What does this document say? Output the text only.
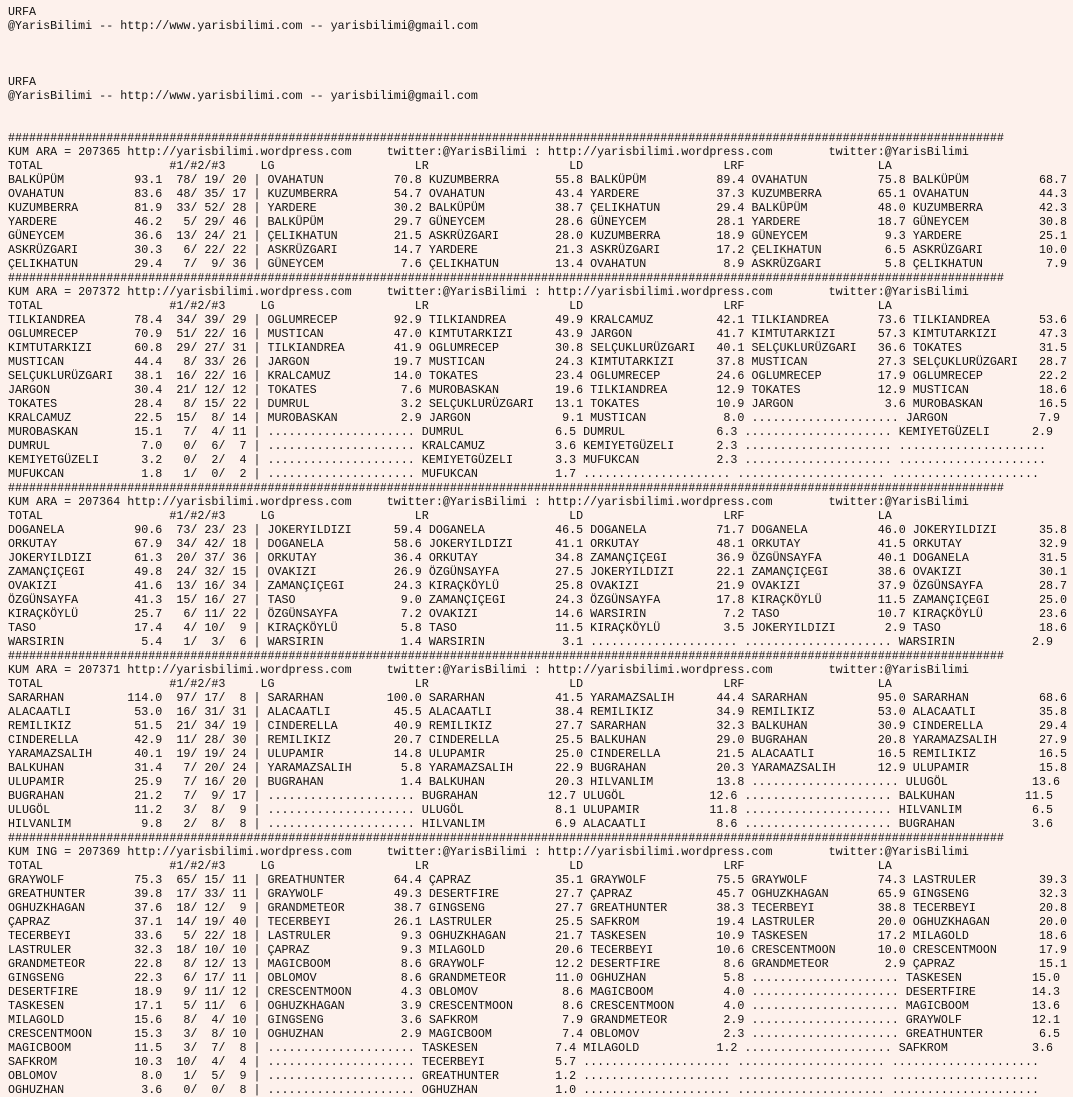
URFA
@YarisBilimi -- http://www.yarisbilimi.com -- yarisbilimi@gmail.com
URFA
@YarisBilimi -- http://www.yarisbilimi.com -- yarisbilimi@gmail.com
##############################################################################################################################################
KUM ARA = 207365 http://yarisbilimi.wordpress.com     twitter:@YarisBilimi : http://yarisbilimi.wordpress.com        twitter:@YarisBilimi
TOTAL                  #1/#2/#3     LG                    LR                    LD                    LRF                   LA
BALKÜPÜM          93.1  78/ 19/ 20 | OVAHATUN          70.8 KUZUMBERRA        55.8 BALKÜPÜM          89.4 OVAHATUN          75.8 BALKÜPÜM          68.7
OVAHATUN          83.6  48/ 35/ 17 | KUZUMBERRA        54.7 OVAHATUN          43.4 YARDERE           37.3 KUZUMBERRA        65.1 OVAHATUN          44.3
KUZUMBERRA        81.9  33/ 52/ 28 | YARDERE           30.2 BALKÜPÜM          38.7 ÇELIKHATUN        29.4 BALKÜPÜM          48.0 KUZUMBERRA        42.3
YARDERE           46.2   5/ 29/ 46 | BALKÜPÜM          29.7 GÜNEYCEM          28.6 GÜNEYCEM          28.1 YARDERE           18.7 GÜNEYCEM          30.8
GÜNEYCEM          36.6  13/ 24/ 21 | ÇELIKHATUN        21.5 ASKRÜZGARI        28.0 KUZUMBERRA        18.9 GÜNEYCEM           9.3 YARDERE           25.1
ASKRÜZGARI        30.3   6/ 22/ 22 | ASKRÜZGARI        14.7 YARDERE           21.3 ASKRÜZGARI        17.2 ÇELIKHATUN         6.5 ASKRÜZGARI        10.0
ÇELIKHATUN        29.4   7/  9/ 36 | GÜNEYCEM           7.6 ÇELIKHATUN        13.4 OVAHATUN           8.9 ASKRÜZGARI         5.8 ÇELIKHATUN         7.9
##############################################################################################################################################
KUM ARA = 207372 http://yarisbilimi.wordpress.com     twitter:@YarisBilimi : http://yarisbilimi.wordpress.com        twitter:@YarisBilimi
TOTAL                  #1/#2/#3     LG                    LR                    LD                    LRF                   LA
TILKIANDREA       78.4  34/ 39/ 29 | OGLUMRECEP        92.9 TILKIANDREA       49.9 KRALCAMUZ         42.1 TILKIANDREA       73.6 TILKIANDREA       53.6
OGLUMRECEP        70.9  51/ 22/ 16 | MUSTICAN          47.0 KIMTUTARKIZI      43.9 JARGON            41.7 KIMTUTARKIZI      57.3 KIMTUTARKIZI      47.3
KIMTUTARKIZI      60.8  29/ 27/ 31 | TILKIANDREA       41.9 OGLUMRECEP        30.8 SELÇUKLURÜZGARI   40.1 SELÇUKLURÜZGARI   36.6 TOKATES           31.5
MUSTICAN          44.4   8/ 33/ 26 | JARGON            19.7 MUSTICAN          24.3 KIMTUTARKIZI      37.8 MUSTICAN          27.3 SELÇUKLURÜZGARI   28.7
SELÇUKLURÜZGARI   38.1  16/ 22/ 16 | KRALCAMUZ         14.0 TOKATES           23.4 OGLUMRECEP        24.6 OGLUMRECEP        17.9 OGLUMRECEP        22.2
JARGON            30.4  21/ 12/ 12 | TOKATES            7.6 MUROBASKAN        19.6 TILKIANDREA       12.9 TOKATES           12.9 MUSTICAN          18.6
TOKATES           28.4   8/ 15/ 22 | DUMRUL             3.2 SELÇUKLURÜZGARI   13.1 TOKATES           10.9 JARGON             3.6 MUROBASKAN        16.5
KRALCAMUZ         22.5  15/  8/ 14 | MUROBASKAN         2.9 JARGON             9.1 MUSTICAN           8.0 ..................... JARGON             7.9
MUROBASKAN        15.1   7/  4/ 11 | ..................... DUMRUL             6.5 DUMRUL             6.3 ..................... KEMIYETGÜZELI      2.9
DUMRUL             7.0   0/  6/  7 | ..................... KRALCAMUZ          3.6 KEMIYETGÜZELI      2.3 ..................... .....................
KEMIYETGÜZELI      3.2   0/  2/  4 | ..................... KEMIYETGÜZELI      3.3 MUFUKCAN           2.3 ..................... .....................
MUFUKCAN           1.8   1/  0/  2 | ..................... MUFUKCAN           1.7 ..................... ..................... .....................
##############################################################################################################################################
KUM ARA = 207364 http://yarisbilimi.wordpress.com     twitter:@YarisBilimi : http://yarisbilimi.wordpress.com        twitter:@YarisBilimi
TOTAL                  #1/#2/#3     LG                    LR                    LD                    LRF                   LA
DOGANELA          90.6  73/ 23/ 23 | JOKERYILDIZI      59.4 DOGANELA          46.5 DOGANELA          71.7 DOGANELA          46.0 JOKERYILDIZI      35.8
ORKUTAY           67.9  34/ 42/ 18 | DOGANELA          58.6 JOKERYILDIZI      41.1 ORKUTAY           48.1 ORKUTAY           41.5 ORKUTAY           32.9
JOKERYILDIZI      61.3  20/ 37/ 36 | ORKUTAY           36.4 ORKUTAY           34.8 ZAMANÇIÇEGI       36.9 ÖZGÜNSAYFA        40.1 DOGANELA          31.5
ZAMANÇIÇEGI       49.8  24/ 32/ 15 | OVAKIZI           26.9 ÖZGÜNSAYFA        27.5 JOKERYILDIZI      22.1 ZAMANÇIÇEGI       38.6 OVAKIZI           30.1
OVAKIZI           41.6  13/ 16/ 34 | ZAMANÇIÇEGI       24.3 KIRAÇKÖYLÜ        25.8 OVAKIZI           21.9 OVAKIZI           37.9 ÖZGÜNSAYFA        28.7
ÖZGÜNSAYFA        41.3  15/ 16/ 27 | TASO               9.0 ZAMANÇIÇEGI       24.3 ÖZGÜNSAYFA        17.8 KIRAÇKÖYLÜ        11.5 ZAMANÇIÇEGI       25.0
KIRAÇKÖYLÜ        25.7   6/ 11/ 22 | ÖZGÜNSAYFA         7.2 OVAKIZI           14.6 WARSIRIN           7.2 TASO              10.7 KIRAÇKÖYLÜ        23.6
TASO              17.4   4/ 10/  9 | KIRAÇKÖYLÜ         5.8 TASO              11.5 KIRAÇKÖYLÜ         3.5 JOKERYILDIZI       2.9 TASO              18.6
WARSIRIN           5.4   1/  3/  6 | WARSIRIN           1.4 WARSIRIN           3.1 ..................... ..................... WARSIRIN           2.9
##############################################################################################################################################
KUM ARA = 207371 http://yarisbilimi.wordpress.com     twitter:@YarisBilimi : http://yarisbilimi.wordpress.com        twitter:@YarisBilimi
TOTAL                  #1/#2/#3     LG                    LR                    LD                    LRF                   LA
SARARHAN         114.0  97/ 17/  8 | SARARHAN         100.0 SARARHAN          41.5 YARAMAZSALIH      44.4 SARARHAN          95.0 SARARHAN          68.6
ALACAATLI         53.0  16/ 31/ 31 | ALACAATLI         45.5 ALACAATLI         38.4 REMILIKIZ         34.9 REMILIKIZ         53.0 ALACAATLI         35.8
REMILIKIZ         51.5  21/ 34/ 19 | CINDERELLA        40.9 REMILIKIZ         27.7 SARARHAN          32.3 BALKUHAN          30.9 CINDERELLA        29.4
CINDERELLA        42.9  11/ 28/ 30 | REMILIKIZ         20.7 CINDERELLA        25.5 BALKUHAN          29.0 BUGRAHAN          20.8 YARAMAZSALIH      27.9
YARAMAZSALIH      40.1  19/ 19/ 24 | ULUPAMIR          14.8 ULUPAMIR          25.0 CINDERELLA        21.5 ALACAATLI         16.5 REMILIKIZ         16.5
BALKUHAN          31.4   7/ 20/ 24 | YARAMAZSALIH       5.8 YARAMAZSALIH      22.9 BUGRAHAN          20.3 YARAMAZSALIH      12.9 ULUPAMIR          15.8
ULUPAMIR          25.9   7/ 16/ 20 | BUGRAHAN           1.4 BALKUHAN          20.3 HILVANLIM         13.8 ..................... ULUGÖL            13.6
BUGRAHAN          21.2   7/  9/ 17 | ..................... BUGRAHAN          12.7 ULUGÖL            12.6 ..................... BALKUHAN          11.5
ULUGÖL            11.2   3/  8/  9 | ..................... ULUGÖL             8.1 ULUPAMIR          11.8 ..................... HILVANLIM          6.5
HILVANLIM          9.8   2/  8/  8 | ..................... HILVANLIM          6.9 ALACAATLI          8.6 ..................... BUGRAHAN           3.6
##############################################################################################################################################
KUM ING = 207369 http://yarisbilimi.wordpress.com     twitter:@YarisBilimi : http://yarisbilimi.wordpress.com        twitter:@YarisBilimi
TOTAL                  #1/#2/#3     LG                    LR                    LD                    LRF                   LA
GRAYWOLF          75.3  65/ 15/ 11 | GREATHUNTER       64.4 ÇAPRAZ            35.1 GRAYWOLF          75.5 GRAYWOLF          74.3 LASTRULER         39.3
GREATHUNTER       39.8  17/ 33/ 11 | GRAYWOLF          49.3 DESERTFIRE        27.7 ÇAPRAZ            45.7 OGHUZKHAGAN       65.9 GINGSENG          32.3
OGHUZKHAGAN       37.6  18/ 12/  9 | GRANDMETEOR       38.7 GINGSENG          27.7 GREATHUNTER       38.3 TECERBEYI         38.8 TECERBEYI         20.8
ÇAPRAZ            37.1  14/ 19/ 40 | TECERBEYI         26.1 LASTRULER         25.5 SAFKROM           19.4 LASTRULER         20.0 OGHUZKHAGAN       20.0
TECERBEYI         33.6   5/ 22/ 18 | LASTRULER          9.3 OGHUZKHAGAN       21.7 TASKESEN          10.9 TASKESEN          17.2 MILAGOLD          18.6
LASTRULER         32.3  18/ 10/ 10 | ÇAPRAZ             9.3 MILAGOLD          20.6 TECERBEYI         10.6 CRESCENTMOON      10.0 CRESCENTMOON      17.9
GRANDMETEOR       22.8   8/ 12/ 13 | MAGICBOOM          8.6 GRAYWOLF          12.2 DESERTFIRE         8.6 GRANDMETEOR        2.9 ÇAPRAZ            15.1
GINGSENG          22.3   6/ 17/ 11 | OBLOMOV            8.6 GRANDMETEOR       11.0 OGHUZHAN           5.8 ..................... TASKESEN          15.0
DESERTFIRE        18.9   9/ 11/ 12 | CRESCENTMOON       4.3 OBLOMOV            8.6 MAGICBOOM          4.0 ..................... DESERTFIRE        14.3
TASKESEN          17.1   5/ 11/  6 | OGHUZKHAGAN        3.9 CRESCENTMOON       8.6 CRESCENTMOON       4.0 ..................... MAGICBOOM         13.6
MILAGOLD          15.6   8/  4/ 10 | GINGSENG           3.6 SAFKROM            7.9 GRANDMETEOR        2.9 ..................... GRAYWOLF          12.1
CRESCENTMOON      15.3   3/  8/ 10 | OGHUZHAN           2.9 MAGICBOOM          7.4 OBLOMOV            2.3 ..................... GREATHUNTER        6.5
MAGICBOOM         11.5   3/  7/  8 | ..................... TASKESEN           7.4 MILAGOLD           1.2 ..................... SAFKROM            3.6
SAFKROM           10.3  10/  4/  4 | ..................... TECERBEYI          5.7 ..................... ..................... .....................
OBLOMOV            8.0   1/  5/  9 | ..................... GREATHUNTER        1.2 ..................... ..................... .....................
OGHUZHAN           3.6   0/  0/  8 | ..................... OGHUZHAN           1.0 ..................... ..................... .....................
